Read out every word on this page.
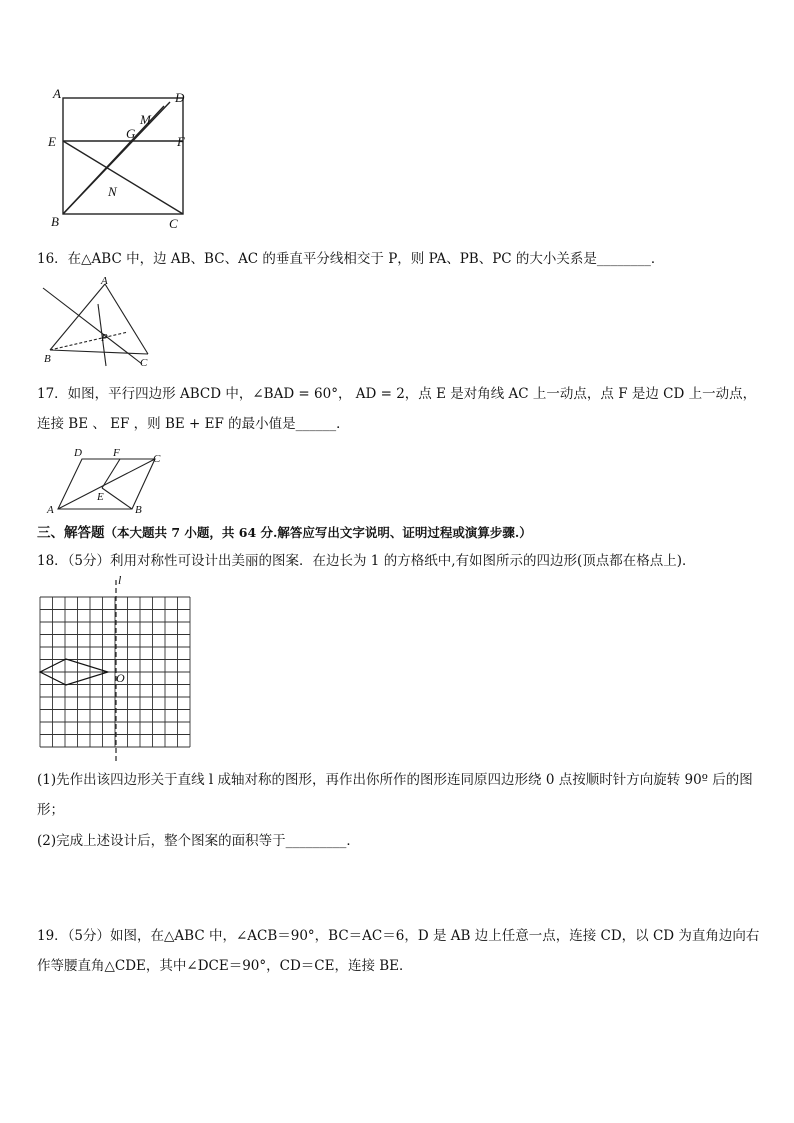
A	D
E	F
B	C
M
G
N
16．在△ABC 中，边 AB、BC、AC 的垂直平分线相交于 P，则 PA、PB、PC 的大小关系是________．
A
B	C
P
17．如图，平行四边形 ABCD 中，∠BAD = 60°， AD = 2，点 E 是对角线 AC 上一动点，点 F 是边 CD 上一动点，
连接 BE 、 EF ，则 BE + EF 的最小值是______．
D	F	C
A
E
B
三、解答题（本大题共 7 小题，共 64 分.解答应写出文字说明、证明过程或演算步骤.）
18．（5分）利用对称性可设计出美丽的图案．在边长为 1 的方格纸中,有如图所示的四边形(顶点都在格点上)．
l
O
(1)先作出该四边形关于直线 l 成轴对称的图形，再作出你所作的图形连同原四边形绕 0 点按顺时针方向旋转 90º 后的图
形；
(2)完成上述设计后，整个图案的面积等于_________．
19．（5分）如图，在△ABC 中，∠ACB＝90°，BC＝AC＝6，D 是 AB 边上任意一点，连接 CD，以 CD 为直角边向右
作等腰直角△CDE，其中∠DCE＝90°，CD＝CE，连接 BE．
